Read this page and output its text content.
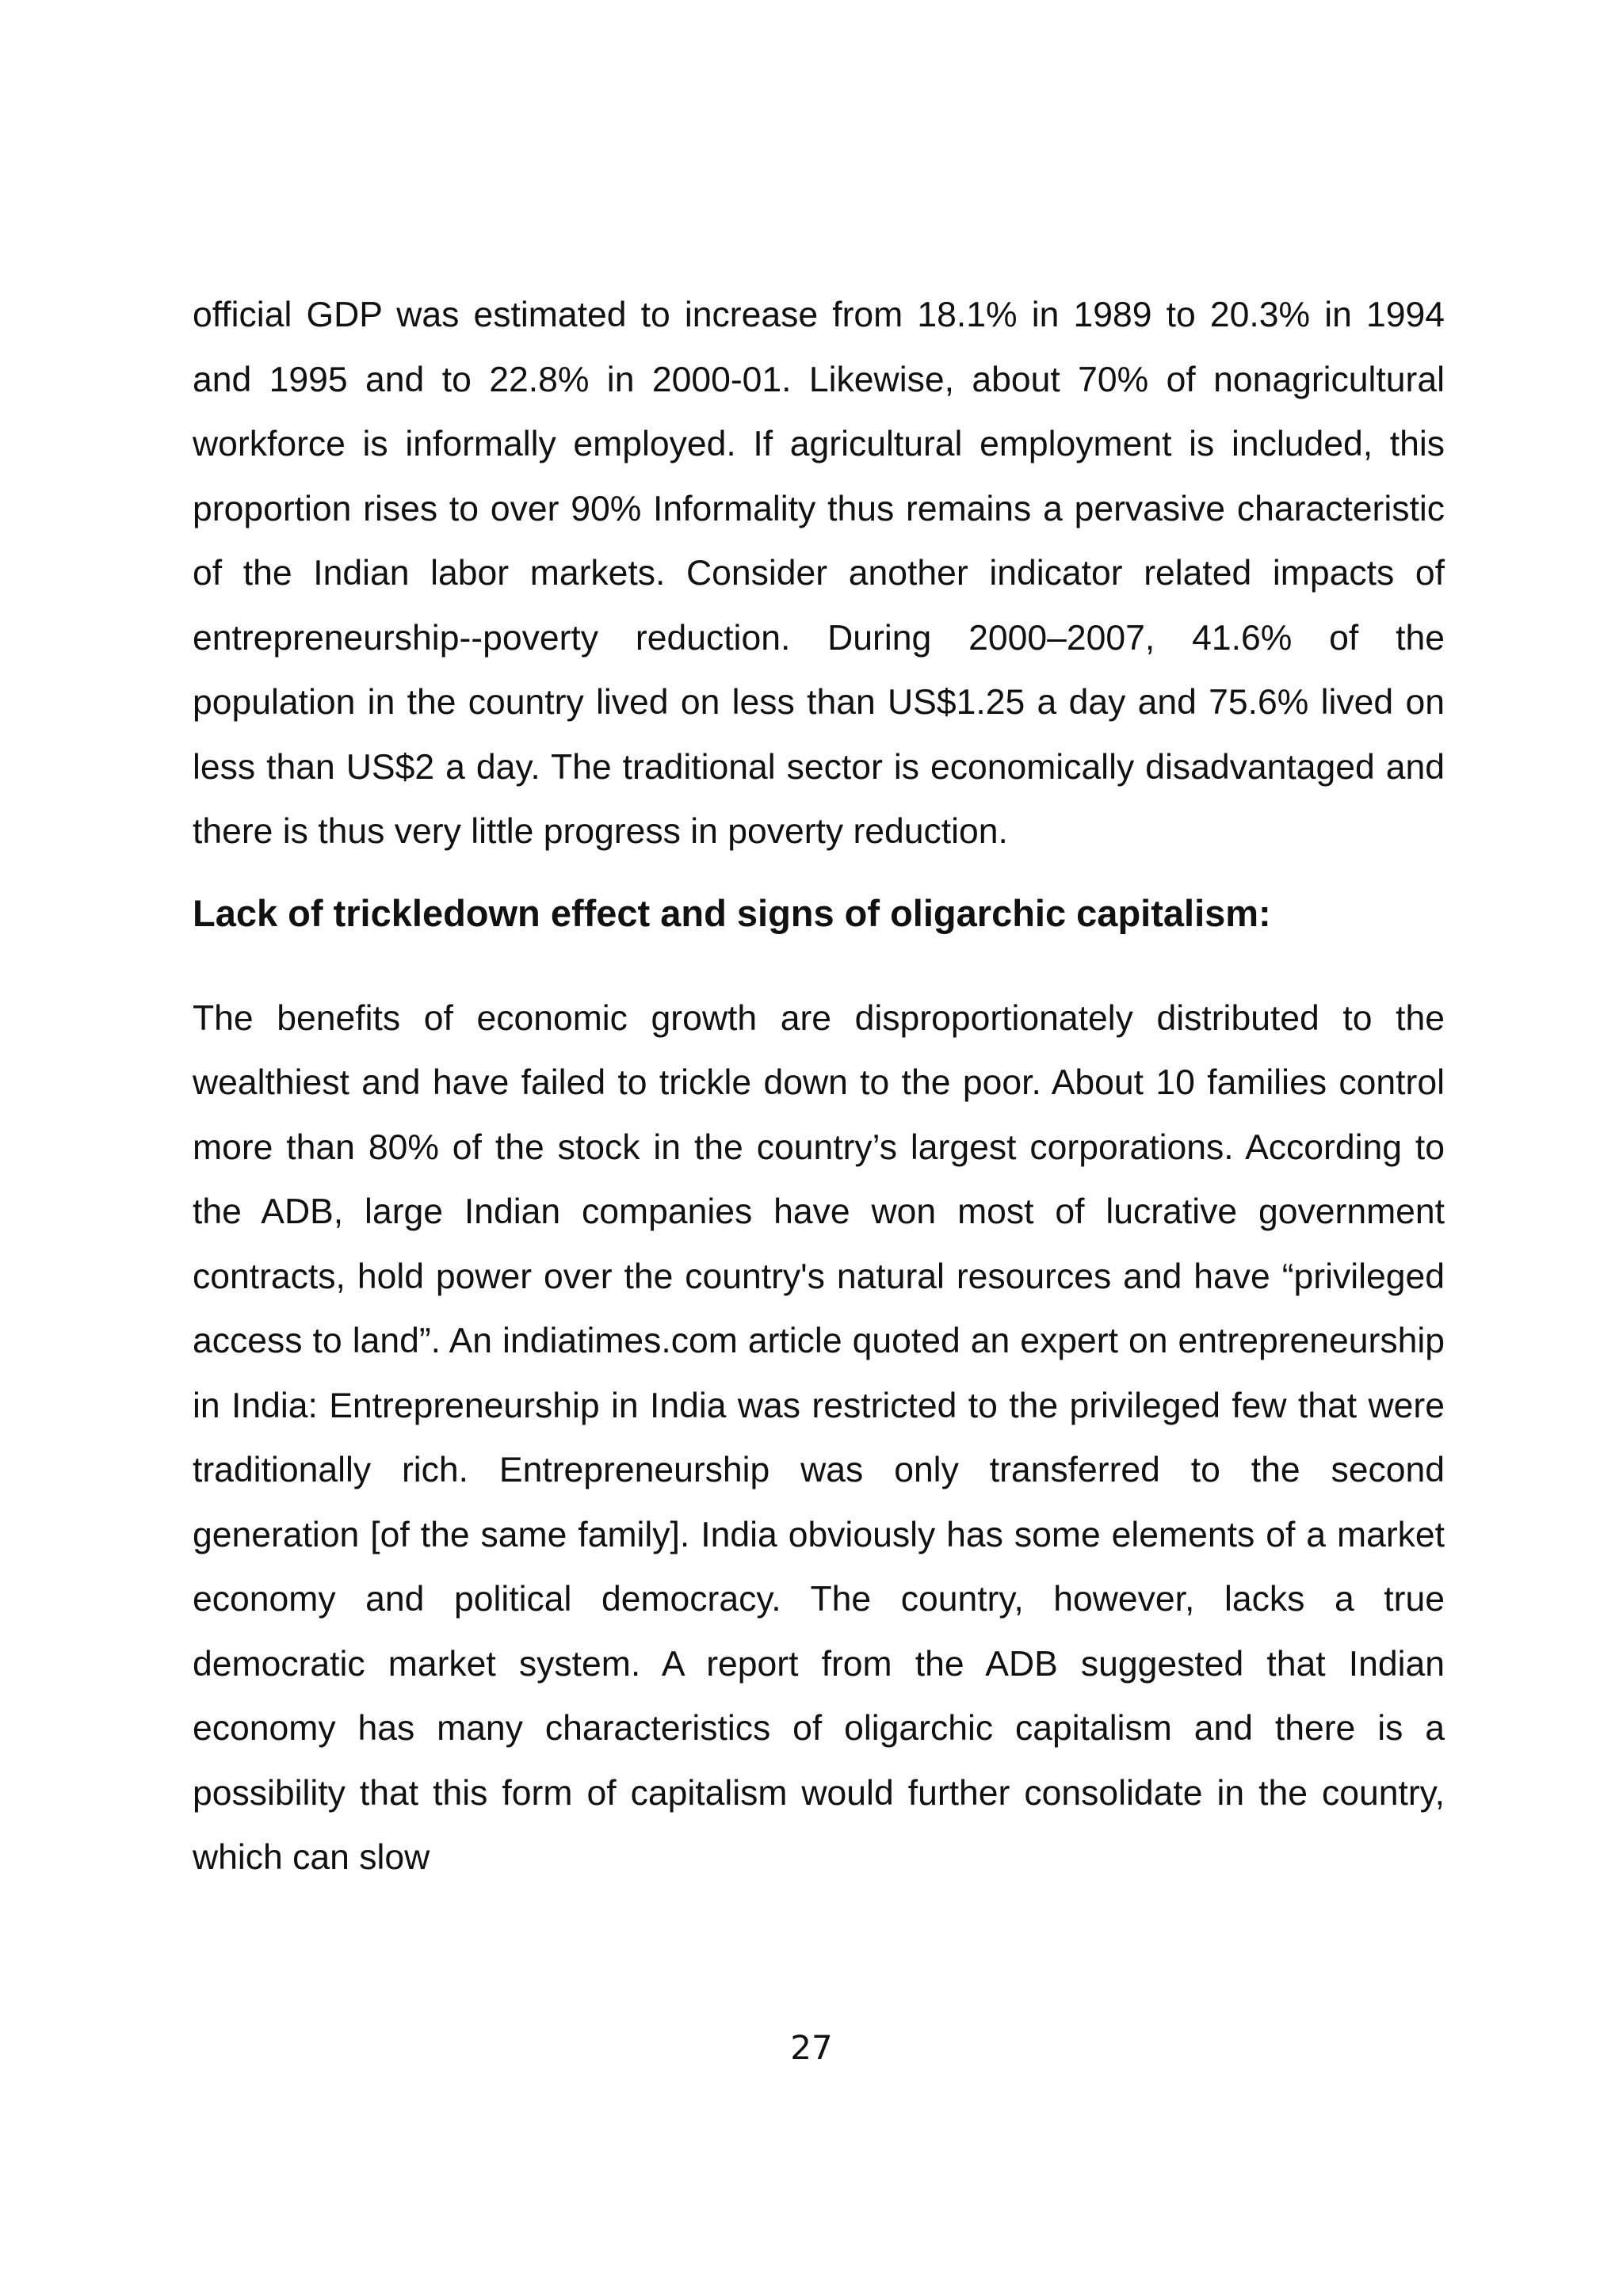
official GDP was estimated to increase from 18.1% in 1989 to 20.3% in 1994 and 1995 and to 22.8% in 2000-01. Likewise, about 70% of nonagricultural workforce is informally employed. If agricultural employment is included, this proportion rises to over 90% Informality thus remains a pervasive characteristic of the Indian labor markets. Consider another indicator related impacts of entrepreneurship--poverty reduction. During 2000–2007, 41.6% of the population in the country lived on less than US$1.25 a day and 75.6% lived on less than US$2 a day. The traditional sector is economically disadvantaged and there is thus very little progress in poverty reduction.

Lack of trickledown effect and signs of oligarchic capitalism:

The benefits of economic growth are disproportionately distributed to the wealthiest and have failed to trickle down to the poor. About 10 families control more than 80% of the stock in the country’s largest corporations. According to the ADB, large Indian companies have won most of lucrative government contracts, hold power over the country's natural resources and have “privileged access to land”. An indiatimes.com article quoted an expert on entrepreneurship in India: Entrepreneurship in India was restricted to the privileged few that were traditionally rich. Entrepreneurship was only transferred to the second generation [of the same family]. India obviously has some elements of a market economy and political democracy. The country, however, lacks a true democratic market system. A report from the ADB suggested that Indian economy has many characteristics of oligarchic capitalism and there is a possibility that this form of capitalism would further consolidate in the country, which can slow

27
